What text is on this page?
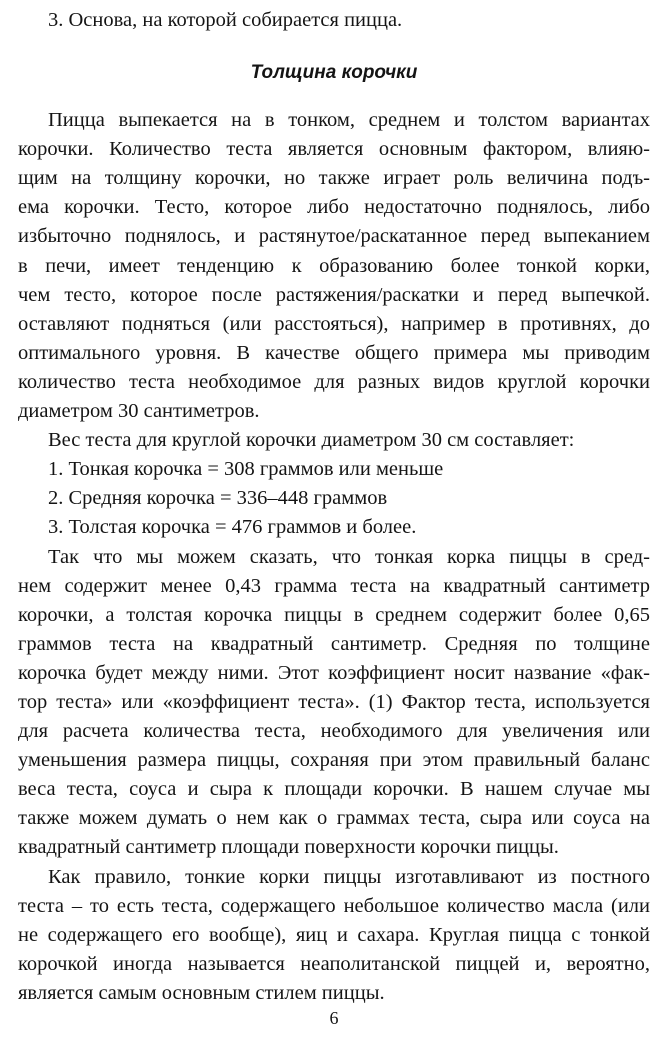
3. Основа, на которой собирается пицца.

Толщина корочки

Пицца выпекается на в тонком, среднем и толстом вариантах

корочки. Количество теста является основным фактором, влияю-

щим на толщину корочки, но также играет роль величина подъ-

ема корочки. Тесто, которое либо недостаточно поднялось, либо

избыточно поднялось, и растянутое/раскатанное перед выпеканием

в печи, имеет тенденцию к образованию более тонкой корки,

чем тесто, которое после растяжения/раскатки и перед выпечкой.

оставляют подняться (или расстояться), например в противнях, до

оптимального уровня. В качестве общего примера мы приводим

количество теста необходимое для разных видов круглой корочки

диаметром 30 сантиметров.

Вес теста для круглой корочки диаметром 30 см составляет:

1. Тонкая корочка = 308 граммов или меньше

2. Средняя корочка = 336–448 граммов

3. Толстая корочка = 476 граммов и более.

Так что мы можем сказать, что тонкая корка пиццы в сред-

нем содержит менее 0,43 грамма теста на квадратный сантиметр

корочки, а толстая корочка пиццы в среднем содержит более 0,65

граммов теста на квадратный сантиметр. Средняя по толщине

корочка будет между ними. Этот коэффициент носит название «фак-

тор теста» или «коэффициент теста». (1) Фактор теста, используется

для расчета количества теста, необходимого для увеличения или

уменьшения размера пиццы, сохраняя при этом правильный баланс

веса теста, соуса и сыра к площади корочки. В нашем случае мы

также можем думать о нем как о граммах теста, сыра или соуса на

квадратный сантиметр площади поверхности корочки пиццы.

Как правило, тонкие корки пиццы изготавливают из постного

теста – то есть теста, содержащего небольшое количество масла (или

не содержащего его вообще), яиц и сахара. Круглая пицца с тонкой

корочкой иногда называется неаполитанской пиццей и, вероятно,

является самым основным стилем пиццы.

6
